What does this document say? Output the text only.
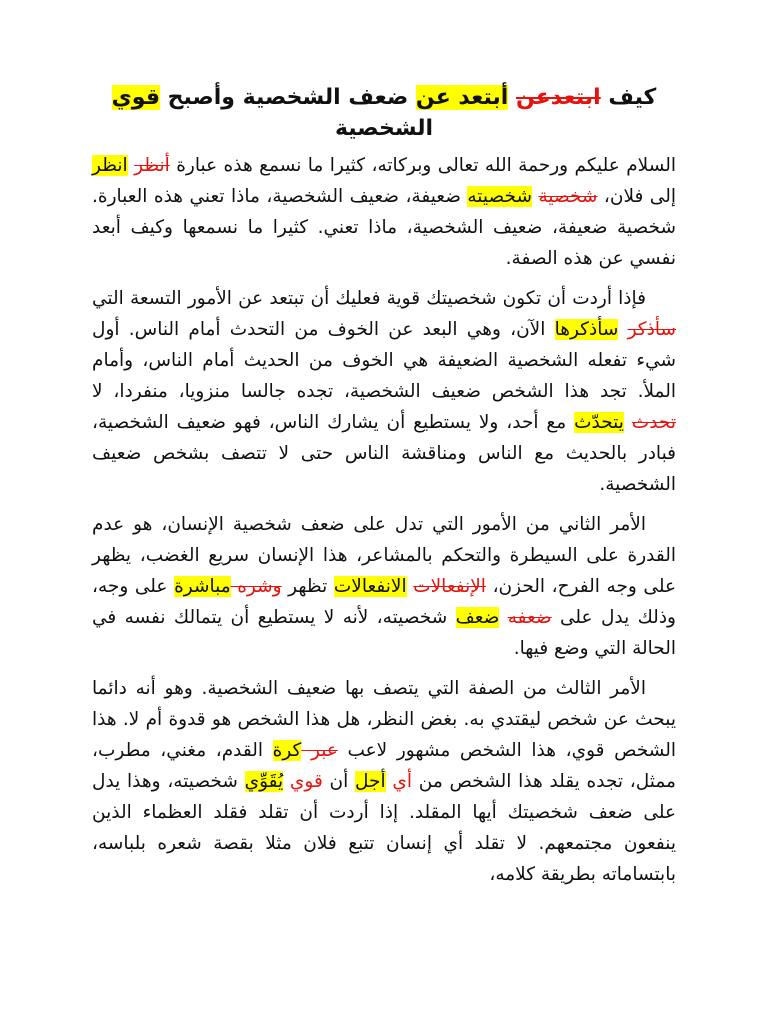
كيف ابتعدعن أبتعد عن ضعف الشخصية وأصبح قوي الشخصية

السلام عليكم ورحمة الله تعالى وبركاته، كثيرا ما نسمع هذه عبارة أنظر انظر إلى فلان، شخصية شخصيته ضعيفة، ضعيف الشخصية، ماذا تعني هذه العبارة. شخصية ضعيفة، ضعيف الشخصية، ماذا تعني. كثيرا ما نسمعها وكيف أبعد نفسي عن هذه الصفة.

فإذا أردت أن تكون شخصيتك قوية فعليك أن تبتعد عن الأمور التسعة التي سأذكر سأذكرها الآن، وهي البعد عن الخوف من التحدث أمام الناس. أول شيء تفعله الشخصية الضعيفة هي الخوف من الحديث أمام الناس، وأمام الملأ. تجد هذا الشخص ضعيف الشخصية، تجده جالسا منزويا، منفردا، لا تحدث يتحدّث مع أحد، ولا يستطيع أن يشارك الناس، فهو ضعيف الشخصية، فبادر بالحديث مع الناس ومناقشة الناس حتى لا تتصف بشخص ضعيف الشخصية.

الأمر الثاني من الأمور التي تدل على ضعف شخصية الإنسان، هو عدم القدرة على السيطرة والتحكم بالمشاعر، هذا الإنسان سريع الغضب، يظهر على وجه الفرح، الحزن، الإنفعالات الانفعالات تظهر وشره مباشرة على وجه، وذلك يدل على ضعفه ضعف شخصيته، لأنه لا يستطيع أن يتمالك نفسه في الحالة التي وضع فيها.

الأمر الثالث من الصفة التي يتصف بها ضعيف الشخصية. وهو أنه دائما يبحث عن شخص ليقتدي به. بغض النظر، هل هذا الشخص هو قدوة أم لا. هذا الشخص قوي، هذا الشخص مشهور لاعب عبر كرة القدم، مغني، مطرب، ممثل، تجده يقلد هذا الشخص من أي أجل أن قوي يُقَوِّي شخصيته، وهذا يدل على ضعف شخصيتك أيها المقلد. إذا أردت أن تقلد فقلد العظماء الذين ينفعون مجتمعهم. لا تقلد أي إنسان تتبع فلان مثلا بقصة شعره بلباسه، بابتساماته بطريقة كلامه،
